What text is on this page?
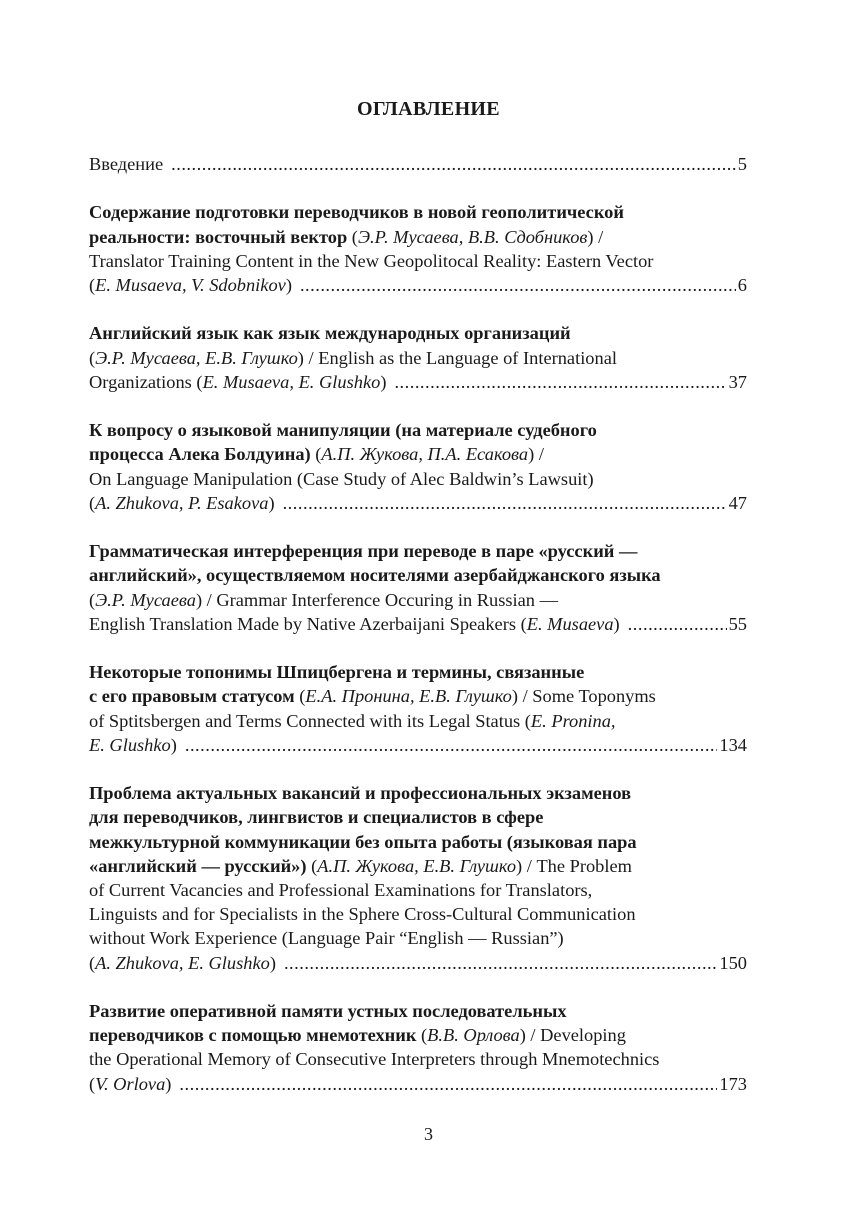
ОГЛАВЛЕНИЕ
Введение .....	5
Содержание подготовки переводчиков в новой геополитической
реальности: восточный вектор (Э.Р. Мусаева, В.В. Сдобников) /
Translator Training Content in the New Geopolitocal Reality: Eastern Vector
(E. Musaeva, V. Sdobnikov) .....	6
Английский язык как язык международных организаций
(Э.Р. Мусаева, Е.В. Глушко) / English as the Language of International
Organizations (E. Musaeva, E. Glushko) .....	37
К вопросу о языковой манипуляции (на материале судебного
процесса Алека Болдуина) (А.П. Жукова, П.А. Есакова) /
On Language Manipulation (Case Study of Alec Baldwin’s Lawsuit)
(A. Zhukova, P. Esakova) .....	47
Грамматическая интерференция при переводе в паре «русский —
английский», осуществляемом носителями азербайджанского языка
(Э.Р. Мусаева) / Grammar Interference Occuring in Russian —
English Translation Made by Native Azerbaijani Speakers (E. Musaeva) .....	55
Некоторые топонимы Шпицбергена и термины, связанные
с его правовым статусом (Е.А. Пронина, Е.В. Глушко) / Some Toponyms
of Sptitsbergen and Terms Connected with its Legal Status (E. Pronina,
E. Glushko) .....	134
Проблема актуальных вакансий и профессиональных экзаменов
для переводчиков, лингвистов и специалистов в сфере
межкультурной коммуникации без опыта работы (языковая пара
«английский — русский») (А.П. Жукова, Е.В. Глушко) / The Problem
of Current Vacancies and Professional Examinations for Translators,
Linguists and for Specialists in the Sphere Cross-Cultural Communication
without Work Experience (Language Pair “English — Russian”)
(A. Zhukova, E. Glushko) .....	150
Развитие оперативной памяти устных последовательных
переводчиков с помощью мнемотехник (В.В. Орлова) / Developing
the Operational Memory of Consecutive Interpreters through Mnemotechnics
(V. Orlova) .....	173

3
